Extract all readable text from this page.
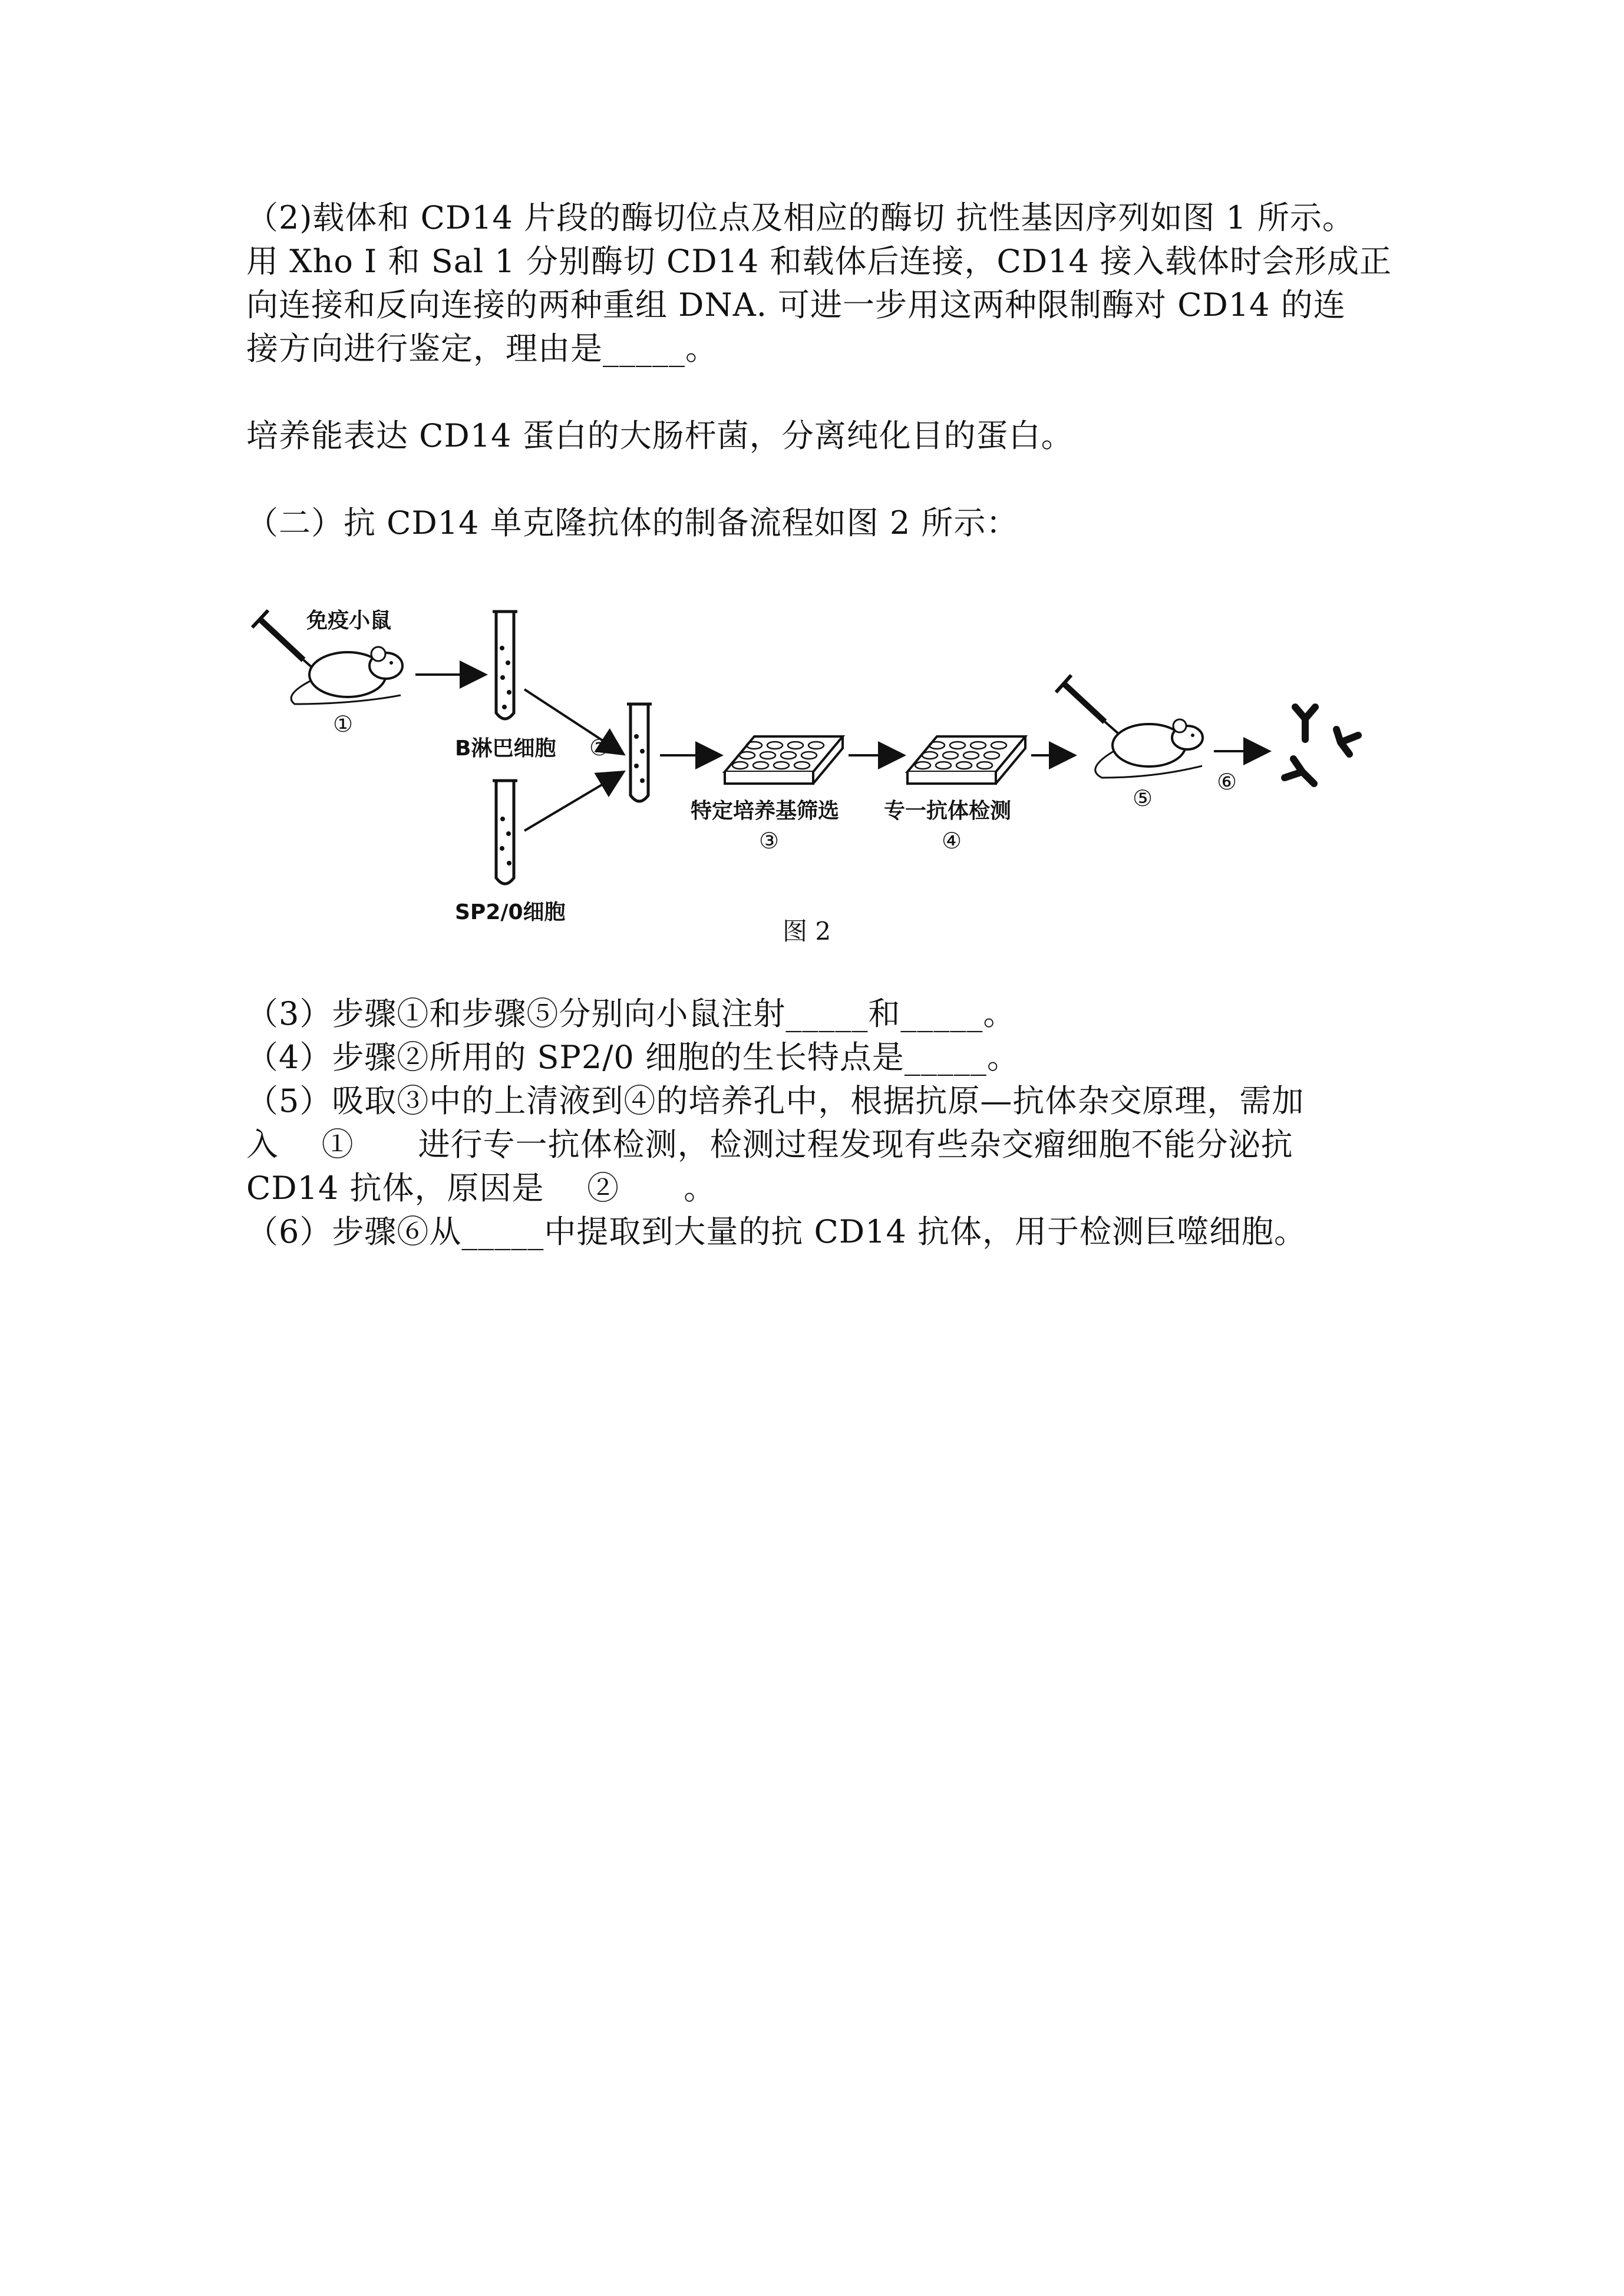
（2)载体和 CD14 片段的酶切位点及相应的酶切 抗性基因序列如图 1 所示。
用 Xho I 和 Sal 1 分别酶切 CD14 和载体后连接，CD14 接入载体时会形成正
向连接和反向连接的两种重组 DNA. 可进一步用这两种限制酶对 CD14 的连
接方向进行鉴定，理由是_____。
培养能表达 CD14 蛋白的大肠杆菌，分离纯化目的蛋白。
（二）抗 CD14 单克隆抗体的制备流程如图 2 所示：
免疫小鼠
①
B淋巴细胞
SP2/0细胞
②
特定培养基筛选
③
专一抗体检测
④
⑤
⑥
图 2
（3）步骤①和步骤⑤分别向小鼠注射_____和_____。
（4）步骤②所用的 SP2/0 细胞的生长特点是_____。
（5）吸取③中的上清液到④的培养孔中，根据抗原—抗体杂交原理，需加
入    ①      进行专一抗体检测，检测过程发现有些杂交瘤细胞不能分泌抗
CD14 抗体，原因是    ②      。
（6）步骤⑥从_____中提取到大量的抗 CD14 抗体，用于检测巨噬细胞。
